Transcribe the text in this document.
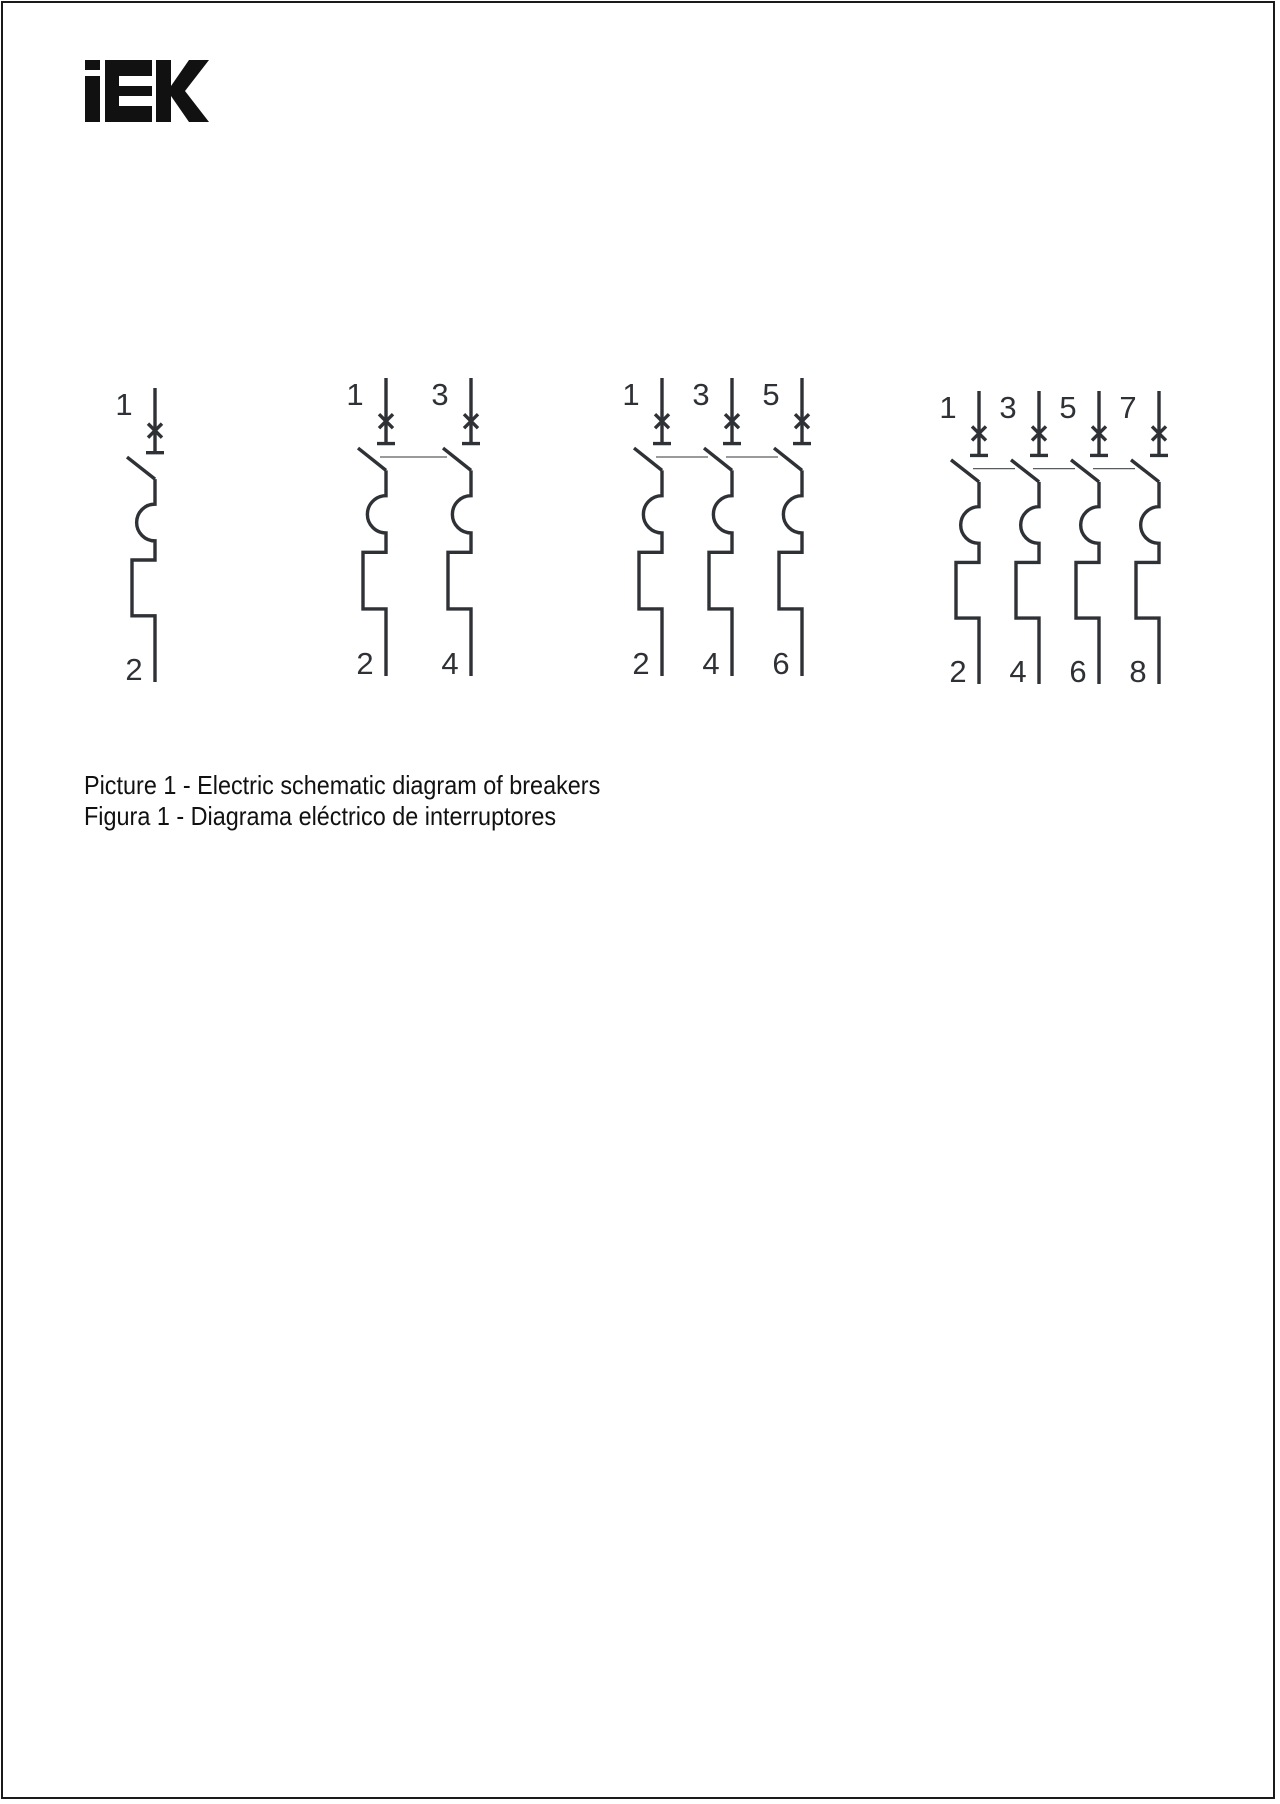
1
2
1
2
3
4
1
2
3
4
5
6
1
2
3
4
5
6
7
8
Picture 1 - Electric schematic diagram of breakers
Figura 1 - Diagrama eléctrico de interruptores
